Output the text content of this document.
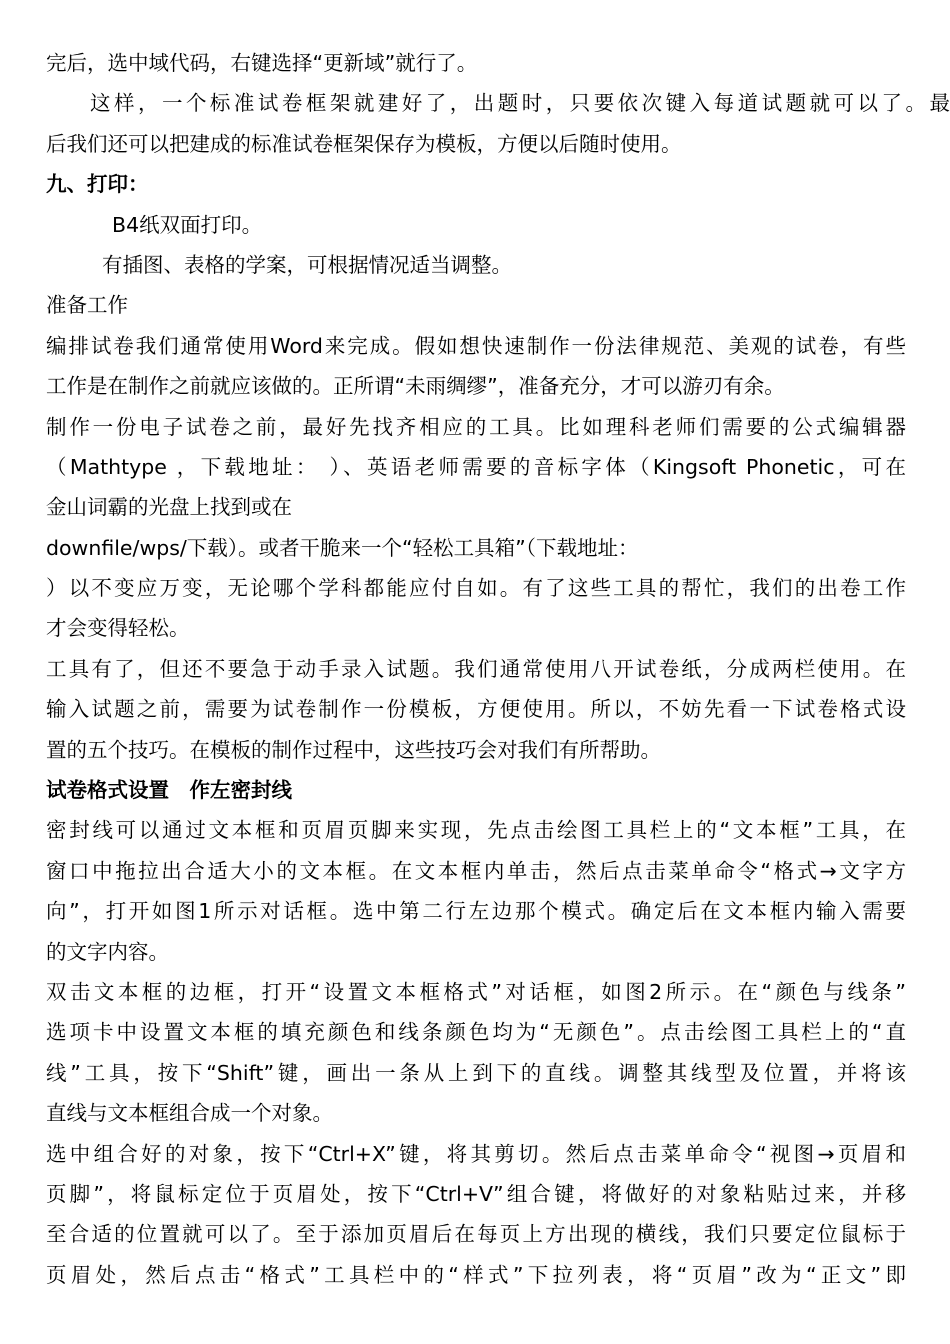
完后，选中域代码，右键选择“更新域”就行了。
这样，一个标准试卷框架就建好了，出题时，只要依次键入每道试题就可以了。最
后我们还可以把建成的标准试卷框架保存为模板，方便以后随时使用。
九、打印：
B4纸双面打印。
有插图、表格的学案，可根据情况适当调整。
准备工作
编排试卷我们通常使用Word来完成。假如想快速制作一份法律规范、美观的试卷，有些
工作是在制作之前就应该做的。正所谓“未雨绸缪”，准备充分，才可以游刃有余。
制作一份电子试卷之前，最好先找齐相应的工具。比如理科老师们需要的公式编辑器
（Mathtype ，下载地址： ）、英语老师需要的音标字体（Kingsoft Phonetic，可在
金山词霸的光盘上找到或在
downfile/wps/下载）。或者干脆来一个“轻松工具箱”（下载地址：
）以不变应万变，无论哪个学科都能应付自如。有了这些工具的帮忙，我们的出卷工作
才会变得轻松。
工具有了，但还不要急于动手录入试题。我们通常使用八开试卷纸，分成两栏使用。在
输入试题之前，需要为试卷制作一份模板，方便使用。所以，不妨先看一下试卷格式设
置的五个技巧。在模板的制作过程中，这些技巧会对我们有所帮助。
试卷格式设置　作左密封线
密封线可以通过文本框和页眉页脚来实现，先点击绘图工具栏上的“文本框”工具，在
窗口中拖拉出合适大小的文本框。在文本框内单击，然后点击菜单命令“格式→文字方
向”，打开如图1所示对话框。选中第二行左边那个模式。确定后在文本框内输入需要
的文字内容。
双击文本框的边框，打开“设置文本框格式”对话框，如图2所示。在“颜色与线条”
选项卡中设置文本框的填充颜色和线条颜色均为“无颜色”。点击绘图工具栏上的“直
线”工具，按下“Shift”键，画出一条从上到下的直线。调整其线型及位置，并将该
直线与文本框组合成一个对象。
选中组合好的对象，按下“Ctrl+X”键，将其剪切。然后点击菜单命令“视图→页眉和
页脚”，将鼠标定位于页眉处，按下“Ctrl+V”组合键，将做好的对象粘贴过来，并移
至合适的位置就可以了。至于添加页眉后在每页上方出现的横线，我们只要定位鼠标于
页眉处，然后点击“格式”工具栏中的“样式”下拉列表，将“页眉”改为“正文”即
